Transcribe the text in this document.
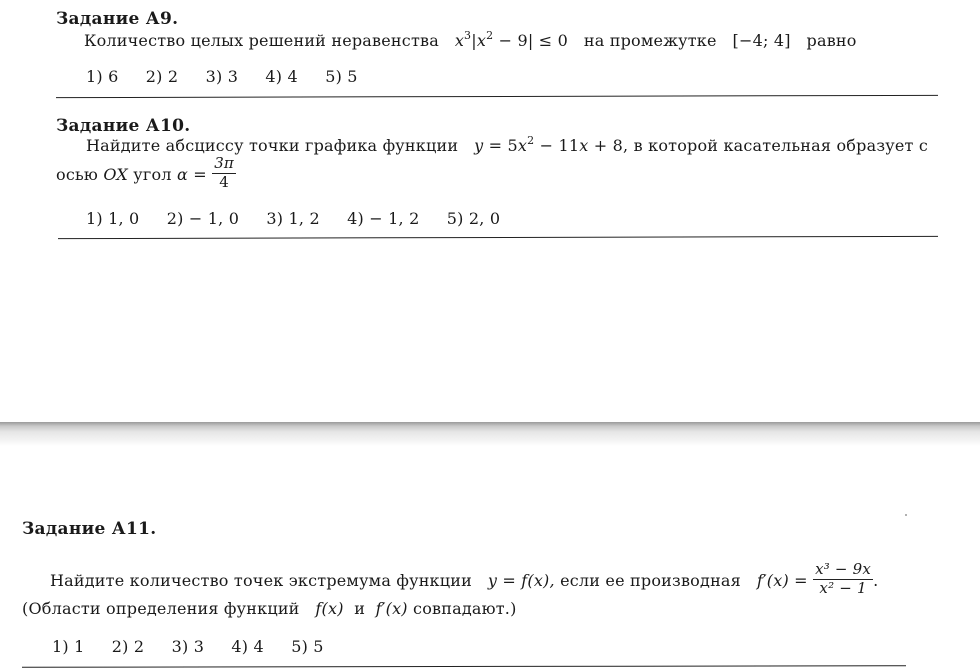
Задание А9.
Количество целых решений неравенства $x^3|x^2 - 9| \le 0$ на промежутке [−4; 4] равно
1) 6 2) 2 3) 3 4) 4 5) 5
Задание А10.
Найдите абсциссу точки графика функции $y = 5x^2 - 11x + 8$, в которой касательная образует с
осью OX угол $\alpha = \frac{3\pi}{4}$
1) 1, 0 2) − 1, 0 3) 1, 2 4) − 1, 2 5) 2, 0
Задание А11.
Найдите количество точек экстремума функции y = f(x), если ее производная $f'(x) = \frac{\text{x³ − 9x}}{\text{x² − 1}}$ .
(Области определения функций f(x) и f′(x) совпадают.)
1) 1 2) 2 3) 3 4) 4 5) 5
